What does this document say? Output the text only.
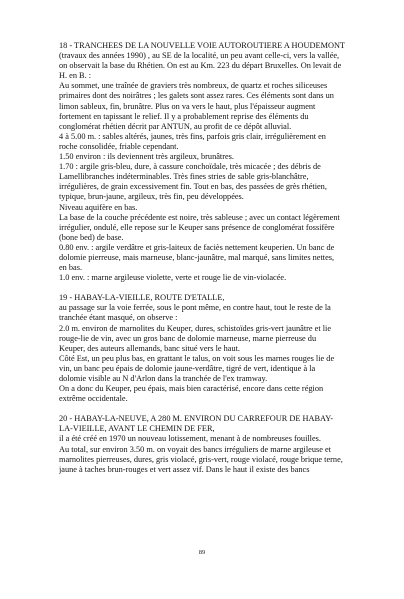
18 - TRANCHEES DE LA NOUVELLE VOIE AUTOROUTIERE A HOUDEMONT
(travaux des années 1990) , au SE de la localité, un peu avant celle-ci, vers la vallée,
on observait la base du Rhétien. On est au Km. 223 du départ Bruxelles. On levait de
H. en B. :
Au sommet, une traînée de graviers très nombreux, de quartz et roches siliceuses
primaires dont des noirâtres ; les galets sont assez rares. Ces éléments sont dans un
limon sableux, fin, brunâtre. Plus on va vers le haut, plus l'épaisseur augment
fortement en tapissant le relief. Il y a probablement reprise des éléments du
conglomérat rhétien décrit par ANTUN, au profit de ce dépôt alluvial.
4 à 5.00 m. : sables altérés, jaunes, très fins, parfois gris clair, irrégulièrement en
roche consolidée, friable cependant.
1.50 environ : ils deviennent très argileux, brunâtres.
1.70 : argile gris-bleu, dure, à cassure conchoïdale, très micacée ; des débris de
Lamellibranches indéterminables. Très fines stries de sable gris-blanchâtre,
irrégulières, de grain excessivement fin. Tout en bas, des passées de grès rhétien,
typique, brun-jaune, argileux, très fin, peu développées.
Niveau aquifère en bas.
La base de la couche précédente est noire, très sableuse ; avec un contact légèrement
irrégulier, ondulé, elle repose sur le Keuper sans présence de conglomérat fossifère
(bone bed) de base.
0.80 env. : argile verdâtre et gris-laiteux de faciès nettement keuperien. Un banc de
dolomie pierreuse, mais marneuse, blanc-jaunâtre, mal marqué, sans limites nettes,
en bas.
1.0 env. : marne argileuse violette, verte et rouge lie de vin-violacée.
19 - HABAY-LA-VIEILLE, ROUTE D'ETALLE,
au passage sur la voie ferrée, sous le pont même, en contre haut, tout le reste de la
tranchée étant masqué, on observe :
2.0 m. environ de marnolites du Keuper, dures, schistoïdes gris-vert jaunâtre et lie
rouge-lie de vin, avec un gros banc de dolomie marneuse, marne pierreuse du
Keuper, des auteurs allemands, banc situé vers le haut.
Côté Est, un peu plus bas, en grattant le talus, on voit sous les marnes rouges lie de
vin, un banc peu épais de dolomie jaune-verdâtre, tigré de vert, identique à la
dolomie visible au N d'Arlon dans la tranchée de l'ex tramway.
On a donc du Keuper, peu épais, mais bien caractérisé, encore dans cette région
extrême occidentale.
20 - HABAY-LA-NEUVE, A 280 M. ENVIRON DU CARREFOUR DE HABAY-
LA-VIEILLE, AVANT LE CHEMIN DE FER,
il a été créé en 1970 un nouveau lotissement, menant à de nombreuses fouilles.
Au total, sur environ 3.50 m. on voyait des bancs irréguliers de marne argileuse et
marnolites pierreuses, dures, gris violacé, gris-vert, rouge violacé, rouge brique terne,
jaune à taches brun-rouges et vert assez vif. Dans le haut il existe des bancs
89
